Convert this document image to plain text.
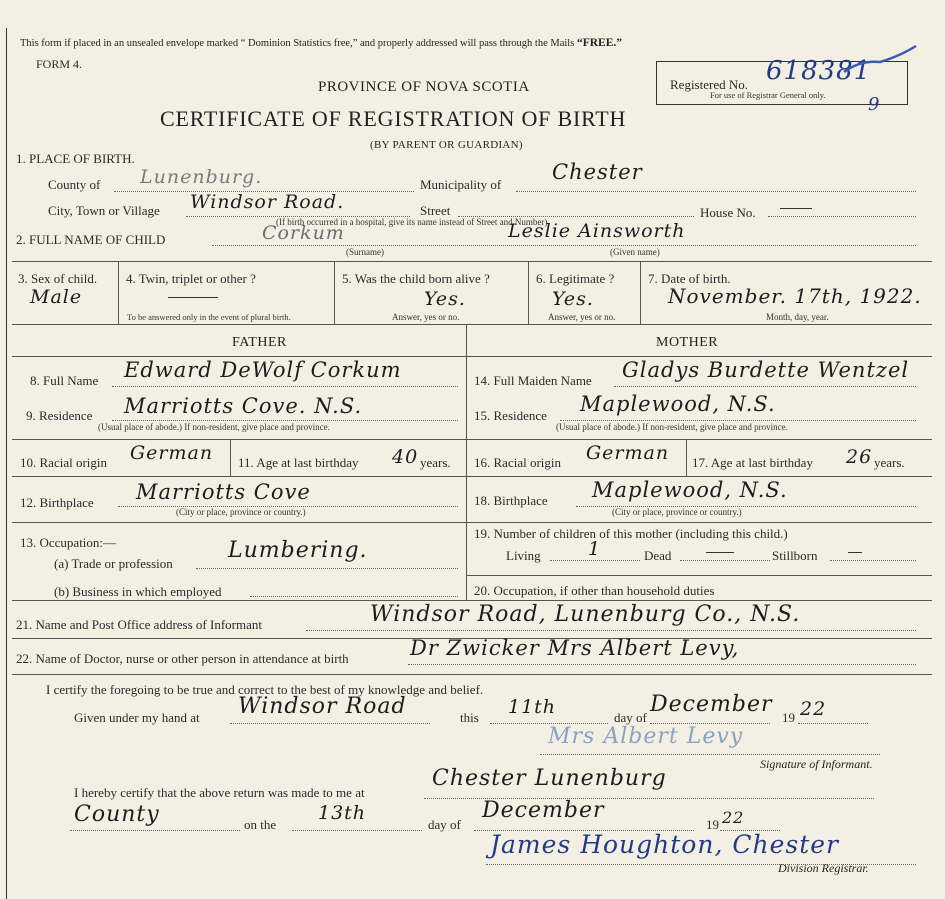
This form if placed in an unsealed envelope marked “ Dominion Statistics free,” and properly addressed will pass through the Mails “FREE.”
FORM 4.
PROVINCE OF NOVA SCOTIA
CERTIFICATE OF REGISTRATION OF BIRTH
(BY PARENT OR GUARDIAN)
Registered No. 618381
For use of Registrar General only. 9
1. PLACE OF BIRTH.
County of Lunenburg.	Municipality of
Chester
City, Town or Village Windsor Road.	Street	House No.
(If birth occurred in a hospital, give its name instead of Street and Number)
2. FULL NAME OF CHILD	Corkum
(Surname)
Leslie Ainsworth
(Given name)
3. Sex of child.
Male
4. Twin, triplet or other ?
To be answered only in the event of plural birth.
5. Was the child born alive ?
Yes.
Answer, yes or no.
6. Legitimate ?
Yes.
Answer, yes or no.
7. Date of birth.
November. 17th, 1922.
Month, day, year.
FATHER	MOTHER
8. Full Name Edward DeWolf Corkum
9. Residence Marriotts Cove. N.S.
(Usual place of abode.) If non-resident, give place and province.
10. Racial origin German 11. Age at last birthday 40 years.
12. Birthplace Marriotts Cove
(City or place, province or country.)
13. Occupation:—
(a) Trade or profession
Lumbering.
(b) Business in which employed
14. Full Maiden Name Gladys Burdette Wentzel
15. Residence Maplewood, N.S.
(Usual place of abode.) If non-resident, give place and province.
16. Racial origin German 17. Age at last birthday 26 years.
18. Birthplace Maplewood, N.S.
(City or place, province or country.)
19. Number of children of this mother (including this child.)
Living 1	Dead	Stillborn
20. Occupation, if other than household duties
21. Name and Post Office address of Informant	Windsor Road, Lunenburg Co., N.S.
22. Name of Doctor, nurse or other person in attendance at birth	Dr Zwicker Mrs Albert Levy,
I certify the foregoing to be true and correct to the best of my knowledge and belief.
Given under my hand at Windsor Road	this 11th	day of
December
19 22
Mrs Albert Levy
Signature of Informant.
I hereby certify that the above return was made to me at
Chester Lunenburg
County	on the
13th
day of
December
19 22
James Houghton, Chester
Division Registrar.
